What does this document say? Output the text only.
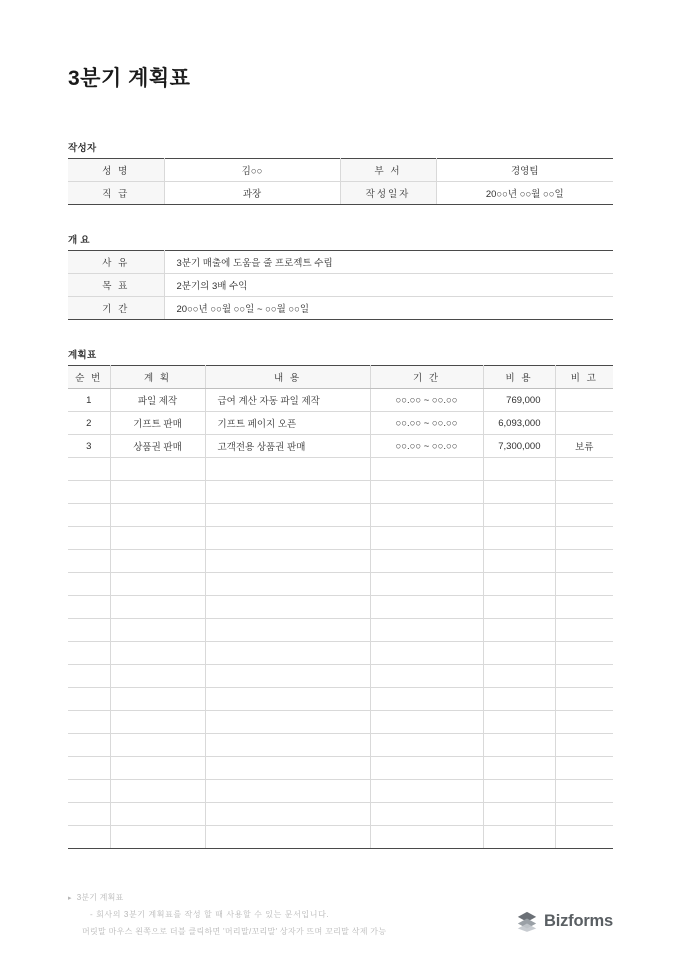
3분기 계획표
작성자
성 명	김○○	부 서	경영팀
직 급	과장	작성일자	20○○년 ○○월 ○○일
개 요
사 유	3분기 매출에 도움을 줄 프로젝트 수립
목 표	2분기의 3배 수익
기 간	20○○년 ○○월 ○○일 ~ ○○월 ○○일
계획표
순 번	계 획	내 용	기 간	비 용	비 고
1	파일 제작	급여 계산 자동 파일 제작	○○.○○ ~ ○○.○○	769,000	
2	기프트 판매	기프트 페이지 오픈	○○.○○ ~ ○○.○○	6,093,000	
3	상품권 판매	고객전용 상품권 판매	○○.○○ ~ ○○.○○	7,300,000	보류

▸ 3분기 계획표
- 회사의 3분기 계획표를 작성 할 때 사용할 수 있는 문서입니다.
머릿말 마우스 왼쪽으로 더블 클릭하면 '머리말/꼬리말' 상자가 뜨며 꼬리말 삭제 가능
Bizforms
